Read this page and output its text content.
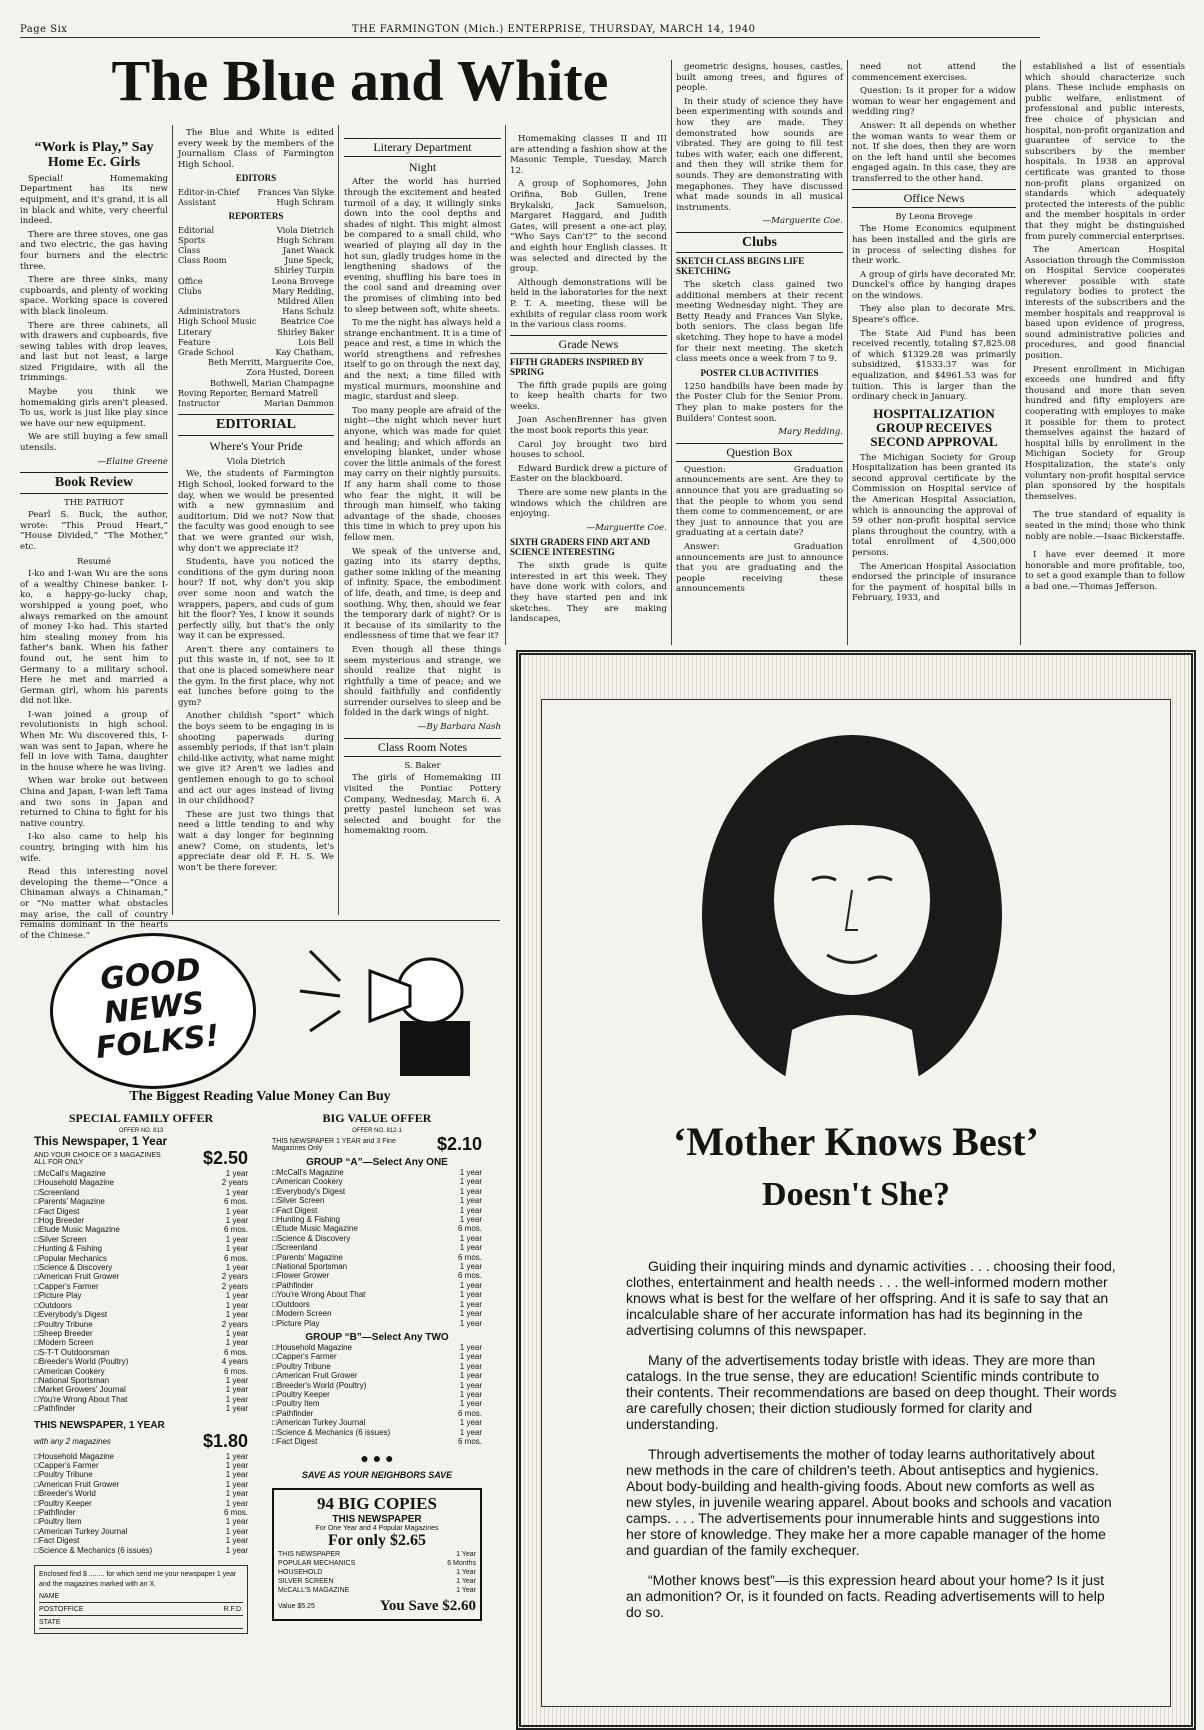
Page Six	THE FARMINGTON (Mich.) ENTERPRISE, THURSDAY, MARCH 14, 1940
The Blue and White
“Work is Play,” Say Home Ec. Girls

Special! Homemaking Department has its new equipment, and it's grand, it is all in black and white, very cheerful indeed.

There are three stoves, one gas and two electric, the gas having four burners and the electric three.

There are three sinks, many cupboards, and plenty of working space. Working space is covered with black linoleum.

There are three cabinets, all with drawers and cupboards, five sewing tables with drop leaves, and last but not least, a large sized Frigidaire, with all the trimmings.

Maybe you think we homemaking girls aren't pleased. To us, work is just like play since we have our new equipment.

We are still buying a few small utensils.

—Elaine Greene
Book Review
THE PATRIOT

Pearl S. Buck, the author, wrote: “This Proud Heart,” “House Divided,” “The Mother,” etc.

Resumé

I-ko and I-wan Wu are the sons of a wealthy Chinese banker. I-ko, a happy-go-lucky chap, worshipped a young poet, who always remarked on the amount of money I-ko had. This started him stealing money from his father's bank. When his father found out, he sent him to Germany to a military school. Here he met and married a German girl, whom his parents did not like.

I-wan joined a group of revolutionists in high school. When Mr. Wu discovered this, I-wan was sent to Japan, where he fell in love with Tama, daughter in the house where he was living.

When war broke out between China and Japan, I-wan left Tama and two sons in Japan and returned to China to fight for his native country.

I-ko also came to help his country, bringing with him his wife.

Read this interesting novel developing the theme—“Once a Chinaman always a Chinaman,” or “No matter what obstacles may arise, the call of country remains dominant in the hearts of the Chinese.”

The Blue and White is edited every week by the members of the Journalism Class of Farmington High School.

EDITORS
Editor-in-Chief Frances Van Slyke
Assistant	Hugh Schram
REPORTERS
Editorial	Viola Dietrich
Sports	Hugh Schram
Class	Janet Waack
Class Room	June Speck,
Shirley Turpin
Office	Leona Brovege
Clubs	Mary Redding,
Mildred Allen
Administrators	Hans Schulz
High School Music	Beatrice Coe
Literary	Shirley Baker
Feature	Lois Bell
Grade School	Kay Chatham,
Beth Merritt, Marguerite Coe, Zora Husted, Doreen Bothwell, Marian Champagne
Roving Reporter, Bernard Matrell
Instructor	Marian Dammon
EDITORIAL
Where's Your Pride
Viola Dietrich

We, the students of Farmington High School, looked forward to the day, when we would be presented with a new gymnasium and auditorium. Did we not? Now that the faculty was good enough to see that we were granted our wish, why don't we appreciate it?

Students, have you noticed the conditions of the gym during noon hour? If not, why don't you skip over some noon and watch the wrappers, papers, and cuds of gum hit the floor? Yes, I know it sounds perfectly silly, but that's the only way it can be expressed.

Aren't there any containers to put this waste in, if not, see to it that one is placed somewhere near the gym. In the first place, why not eat lunches before going to the gym?

Another childish “sport” which the boys seem to be engaging in is shooting paperwads during assembly periods, if that isn't plain child-like activity, what name might we give it? Aren't we ladies and gentlemen enough to go to school and act our ages instead of living in our childhood?

These are just two things that need a little tending to and why wait a day longer for beginning anew? Come, on students, let's appreciate dear old F. H. S. We won't be there forever.

Literary Department
Night

After the world has hurried through the excitement and heated turmoil of a day, it willingly sinks down into the cool depths and shades of night. This might almost be compared to a small child, who wearied of playing all day in the hot sun, gladly trudges home in the lengthening shadows of the evening, shuffling his bare toes in the cool sand and dreaming over the promises of climbing into bed to sleep between soft, white sheets.

To me the night has always held a strange enchantment. It is a time of peace and rest, a time in which the world strengthens and refreshes itself to go on through the next day, and the next; a time filled with mystical murmurs, moonshine and magic, stardust and sleep.

Too many people are afraid of the night—the night which never hurt anyone, which was made for quiet and healing; and which affords an enveloping blanket, under whose cover the little animals of the forest may carry on their nightly pursuits. If any harm shall come to those who fear the night, it will be through man himself, who taking advantage of the shade, chooses this time in which to prey upon his fellow men.

We speak of the universe and, gazing into its starry depths, gather some inkling of the meaning of infinity. Space, the embodiment of life, death, and time, is deep and soothing. Why, then, should we fear the temporary dark of night? Or is it because of its similarity to the endlessness of time that we fear it?

Even though all these things seem mysterious and strange, we should realize that night is rightfully a time of peace; and we should faithfully and confidently surrender ourselves to sleep and be folded in the dark wings of night.

—By Barbara Nash
Class Room Notes
S. Baker

The girls of Homemaking III visited the Pontiac Pottery Company, Wednesday, March 6. A pretty pastel luncheon set was selected and bought for the homemaking room.

Homemaking classes II and III are attending a fashion show at the Masonic Temple, Tuesday, March 12.

A group of Sophomores, John Orifina, Bob Gullen, Irene Brykalski, Jack Samuelson, Margaret Haggard, and Judith Gates, will present a one-act play, “Who Says Can't?” to the second and eighth hour English classes. It was selected and directed by the group.

Although demonstrations will be held in the laboratories for the next P. T. A. meeting, these will be exhibits of regular class room work in the various class rooms.

Grade News
FIFTH GRADERS INSPIRED BY SPRING

The fifth grade pupils are going to keep health charts for two weeks.

Joan AschenBrenner has given the most book reports this year.

Carol Joy brought two bird houses to school.

Edward Burdick drew a picture of Easter on the blackboard.

There are some new plants in the windows which the children are enjoying.

—Marguerite Coe.
SIXTH GRADERS FIND ART AND SCIENCE INTERESTING

The sixth grade is quite interested in art this week. They have done work with colors, and they have started pen and ink sketches. They are making landscapes,

geometric designs, houses, castles, built among trees, and figures of people.

In their study of science they have been experimenting with sounds and how they are made. They demonstrated how sounds are vibrated. They are going to fill test tubes with water, each one different, and then they will strike them for sounds. They are demonstrating with megaphones. They have discussed what made sounds in all musical instruments.

—Marguerite Coe.
Clubs
SKETCH CLASS BEGINS LIFE SKETCHING

The sketch class gained two additional members at their recent meeting Wednesday night. They are Betty Ready and Frances Van Slyke, both seniors. The class began life sketching. They hope to have a model for their next meeting. The sketch class meets once a week from 7 to 9.

POSTER CLUB ACTIVITIES

1250 handbills have been made by the Poster Club for the Senior Prom. They plan to make posters for the Builders' Contest soon.

Mary Redding.
Question Box

Question: Graduation announcements are sent. Are they to announce that you are graduating so that the people to whom you send them come to commencement, or are they just to announce that you are graduating at a certain date?

Answer: Graduation announcements are just to announce that you are graduating and the people receiving these announcements

need not attend the commencement exercises.

Question: Is it proper for a widow woman to wear her engagement and wedding ring?

Answer: It all depends on whether the woman wants to wear them or not. If she does, then they are worn on the left hand until she becomes engaged again. In this case, they are transferred to the other hand.

Office News
By Leona Brovege

The Home Economics equipment has been installed and the girls are in process of selecting dishes for their work.

A group of girls have decorated Mr. Dunckel's office by hanging drapes on the windows.

They also plan to decorate Mrs. Speare's office.

The State Aid Fund has been received recently, totaling $7,825.08 of which $1329.28 was primarily subsidized, $1533.37 was for equalization, and $4961.53 was for tuition. This is larger than the ordinary check in January.

HOSPITALIZATION GROUP RECEIVES SECOND APPROVAL

The Michigan Society for Group Hospitalization has been granted its second approval certificate by the Commission on Hospital service of the American Hospital Association, which is announcing the approval of 59 other non-profit hospital service plans throughout the country, with a total enrollment of 4,500,000 persons.

The American Hospital Association endorsed the principle of insurance for the payment of hospital bills in February, 1933, and

established a list of essentials which should characterize such plans. These include emphasis on public welfare, enlistment of professional and public interests, free choice of physician and hospital, non-profit organization and guarantee of service to the subscribers by the member hospitals. In 1938 an approval certificate was granted to those non-profit plans organized on standards which adequately protected the interests of the public and the member hospitals in order that they might be distinguished from purely commercial enterprises.

The American Hospital Association through the Commission on Hospital Service cooperates wherever possible with state regulatory bodies to protect the interests of the subscribers and the member hospitals and reapproval is based upon evidence of progress, sound administrative policies and procedures, and good financial position.

Present enrollment in Michigan exceeds one hundred and fifty thousand and more than seven hundred and fifty employers are cooperating with employes to make it possible for them to protect themselves against the hazard of hospital bills by enrollment in the Michigan Society for Group Hospitalization, the state's only voluntary non-profit hospital service plan sponsored by the hospitals themselves.

The true standard of equality is seated in the mind; those who think nobly are noble.—Isaac Bickerstaffe.

I have ever deemed it more honorable and more profitable, too, to set a good example than to follow a bad one.—Thomas Jefferson.

GOOD NEWS FOLKS!
The Biggest Reading Value Money Can Buy
SPECIAL FAMILY OFFER
OFFER NO. 813
This Newspaper, 1 Year
AND YOUR CHOICE OF 3 MAGAZINES ALL FOR ONLY	$2.50
□ McCall's Magazine	1 year
□ Household Magazine	2 years
□ Screenland	1 year
□ Parents' Magazine	6 mos.
□ Fact Digest	1 year
□ Hog Breeder	1 year
□ Etude Music Magazine	6 mos.
□ Silver Screen	1 year
□ Hunting & Fishing	1 year
□ Popular Mechanics	6 mos.
□ Science & Discovery	1 year
□ American Fruit Grower	2 years
□ Capper's Farmer	2 years
□ Picture Play	1 year
□ Outdoors	1 year
□ Everybody's Digest	1 year
□ Poultry Tribune	2 years
□ Sheep Breeder	1 year
□ Modern Screen	1 year
□ S-T-T Outdoorsman	6 mos.
□ Breeder's World (Poultry)	4 years
□ American Cookery	6 mos.
□ National Sportsman	1 year
□ Market Growers' Journal	1 year
□ You're Wrong About That	1 year
□ Pathfinder	1 year
THIS NEWSPAPER, 1 YEAR
with any 2 magazines	$1.80
□ Household Magazine	1 year
□ Capper's Farmer	1 year
□ Poultry Tribune	1 year
□ American Fruit Grower	1 year
□ Breeder's World	1 year
□ Poultry Keeper	1 year
□ Pathfinder	6 mos.
□ Poultry Item	1 year
□ American Turkey Journal	1 year
□ Fact Digest	1 year
□ Science & Mechanics (6 issues)	1 year
Enclosed find $ ........ for which send me your newspaper 1 year and the magazines marked with an X.
NAME
POSTOFFICE	R.F.D.
STATE
BIG VALUE OFFER
OFFER NO. 812-1
THIS NEWSPAPER 1 YEAR and 3 Fine Magazines Only	$2.10
GROUP “A”—Select Any ONE
□ McCall's Magazine	1 year
□ American Cookery	1 year
□ Everybody's Digest	1 year
□ Silver Screen	1 year
□ Fact Digest	1 year
□ Hunting & Fishing	1 year
□ Etude Music Magazine	6 mos.
□ Science & Discovery	1 year
□ Screenland	1 year
□ Parents' Magazine	6 mos.
□ National Sportsman	1 year
□ Flower Grower	6 mos.
□ Pathfinder	1 year
□ You're Wrong About That	1 year
□ Outdoors	1 year
□ Modern Screen	1 year
□ Picture Play	1 year
GROUP “B”—Select Any TWO
□ Household Magazine	1 year
□ Capper's Farmer	1 year
□ Poultry Tribune	1 year
□ American Fruit Grower	1 year
□ Breeder's World (Poultry)	1 year
□ Poultry Keeper	1 year
□ Poultry Item	1 year
□ Pathfinder	6 mos.
□ American Turkey Journal	1 year
□ Science & Mechanics (6 issues)	1 year
□ Fact Digest	6 mos.
● ● ●
SAVE AS YOUR NEIGHBORS SAVE
94 BIG COPIES
THIS NEWSPAPER
For One Year and 4 Popular Magazines
For only $2.65
THIS NEWSPAPER	1 Year
POPULAR MECHANICS	6 Months
HOUSEHOLD	1 Year
SILVER SCREEN	1 Year
McCALL'S MAGAZINE	1 Year
Value $5.25	You Save $2.60
‘Mother Knows Best’
Doesn't She?

Guiding their inquiring minds and dynamic activities . . . choosing their food, clothes, entertainment and health needs . . . the well-informed modern mother knows what is best for the welfare of her offspring. And it is safe to say that an incalculable share of her accurate information has had its beginning in the advertising columns of this newspaper.

Many of the advertisements today bristle with ideas. They are more than catalogs. In the true sense, they are education! Scientific minds contribute to their contents. Their recommendations are based on deep thought. Their words are carefully chosen; their diction studiously formed for clarity and understanding.

Through advertisements the mother of today learns authoritatively about new methods in the care of children's teeth. About antiseptics and hygienics. About body-building and health-giving foods. About new comforts as well as new styles, in juvenile wearing apparel. About books and schools and vacation camps. . . . The advertisements pour innumerable hints and suggestions into her store of knowledge. They make her a more capable manager of the home and guardian of the family exchequer.

“Mother knows best”—is this expression heard about your home? Is it just an admonition? Or, is it founded on facts. Reading advertisements will to help do so.
